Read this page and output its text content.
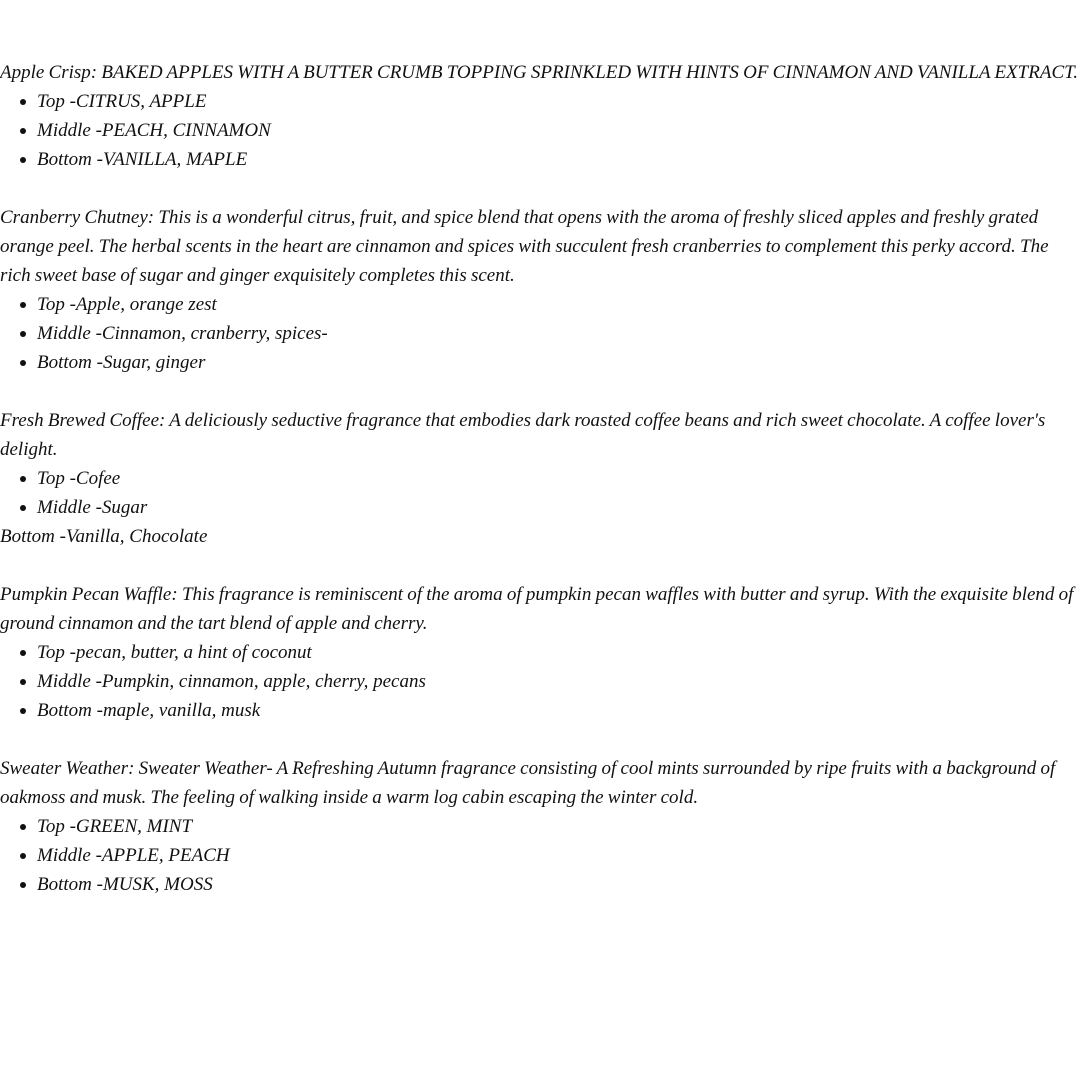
Apple Crisp: BAKED APPLES WITH A BUTTER CRUMB TOPPING SPRINKLED WITH HINTS OF CINNAMON AND VANILLA EXTRACT.

Top -CITRUS, APPLE
Middle -PEACH, CINNAMON
Bottom -VANILLA, MAPLE

Cranberry Chutney: This is a wonderful citrus, fruit, and spice blend that opens with the aroma of freshly sliced apples and freshly grated orange peel. The herbal scents in the heart are cinnamon and spices with succulent fresh cranberries to complement this perky accord. The rich sweet base of sugar and ginger exquisitely completes this scent.

Top -Apple, orange zest
Middle -Cinnamon, cranberry, spices-
Bottom -Sugar, ginger

Fresh Brewed Coffee: A deliciously seductive fragrance that embodies dark roasted coffee beans and rich sweet chocolate. A coffee lover's delight.

Top -Cofee
Middle -Sugar

Bottom -Vanilla, Chocolate

Pumpkin Pecan Waffle: This fragrance is reminiscent of the aroma of pumpkin pecan waffles with butter and syrup. With the exquisite blend of ground cinnamon and the tart blend of apple and cherry.

Top -pecan, butter, a hint of coconut
Middle -Pumpkin, cinnamon, apple, cherry, pecans
Bottom -maple, vanilla, musk

Sweater Weather: Sweater Weather- A Refreshing Autumn fragrance consisting of cool mints surrounded by ripe fruits with a background of oakmoss and musk. The feeling of walking inside a warm log cabin escaping the winter cold.

Top -GREEN, MINT
Middle -APPLE, PEACH
Bottom -MUSK, MOSS
